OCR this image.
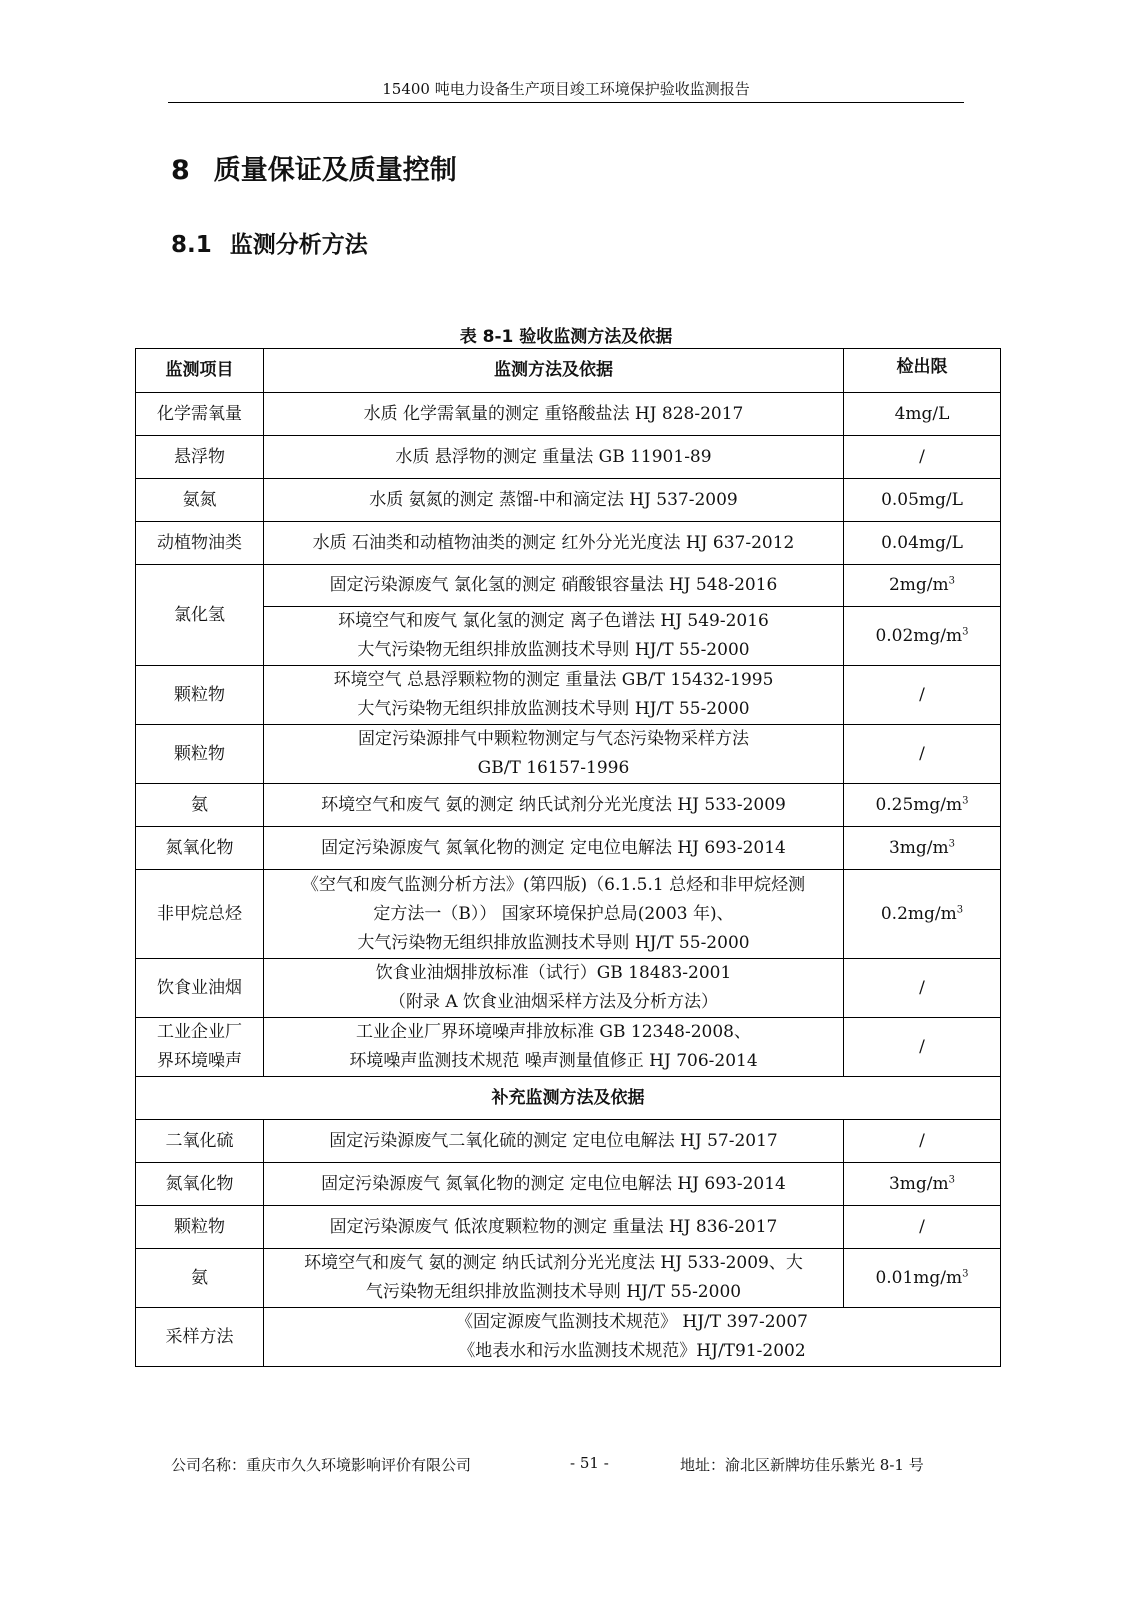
15400 吨电力设备生产项目竣工环境保护验收监测报告
8 质量保证及质量控制
8.1 监测分析方法
表 8-1 验收监测方法及依据
监测项目	监测方法及依据	检出限
化学需氧量	水质 化学需氧量的测定 重铬酸盐法 HJ 828-2017	4mg/L
悬浮物	水质 悬浮物的测定 重量法 GB 11901-89	/
氨氮	水质 氨氮的测定 蒸馏-中和滴定法 HJ 537-2009	0.05mg/L
动植物油类	水质 石油类和动植物油类的测定 红外分光光度法 HJ 637-2012	0.04mg/L
氯化氢	固定污染源废气 氯化氢的测定 硝酸银容量法 HJ 548-2016	$2mg/m^3$

	环境空气和废气 氯化氢的测定 离子色谱法 HJ 549-2016
大气污染物无组织排放监测技术导则 HJ/T 55-2000	$0.02mg/m^3$
颗粒物	环境空气 总悬浮颗粒物的测定 重量法 GB/T 15432-1995
大气污染物无组织排放监测技术导则 HJ/T 55-2000	/
颗粒物	固定污染源排气中颗粒物测定与气态污染物采样方法
GB/T 16157-1996	/
氨	环境空气和废气 氨的测定 纳氏试剂分光光度法 HJ 533-2009	$0.25mg/m^3$
氮氧化物	固定污染源废气 氮氧化物的测定 定电位电解法 HJ 693-2014	$3mg/m^3$
非甲烷总烃	《空气和废气监测分析方法》(第四版)（6.1.5.1 总烃和非甲烷烃测
定方法一（B）） 国家环境保护总局(2003 年)、
大气污染物无组织排放监测技术导则 HJ/T 55-2000	$0.2mg/m^3$
饮食业油烟	饮食业油烟排放标准（试行）GB 18483-2001
（附录 A 饮食业油烟采样方法及分析方法）	/

工业企业厂
界环境噪声	工业企业厂界环境噪声排放标准 GB 12348-2008、
环境噪声监测技术规范 噪声测量值修正 HJ 706-2014	/
补充监测方法及依据		
二氧化硫	固定污染源废气二氧化硫的测定 定电位电解法 HJ 57-2017	/
氮氧化物	固定污染源废气 氮氧化物的测定 定电位电解法 HJ 693-2014	$3mg/m^3$
颗粒物	固定污染源废气 低浓度颗粒物的测定 重量法 HJ 836-2017	/
氨	环境空气和废气 氨的测定 纳氏试剂分光光度法 HJ 533-2009、大
气污染物无组织排放监测技术导则 HJ/T 55-2000	$0.01mg/m^3$
采样方法	《固定源废气监测技术规范》 HJ/T 397-2007
《地表水和污水监测技术规范》HJ/T91-2002	
公司名称：重庆市久久环境影响评价有限公司	- 51 -	地址：渝北区新牌坊佳乐紫光 8-1 号
